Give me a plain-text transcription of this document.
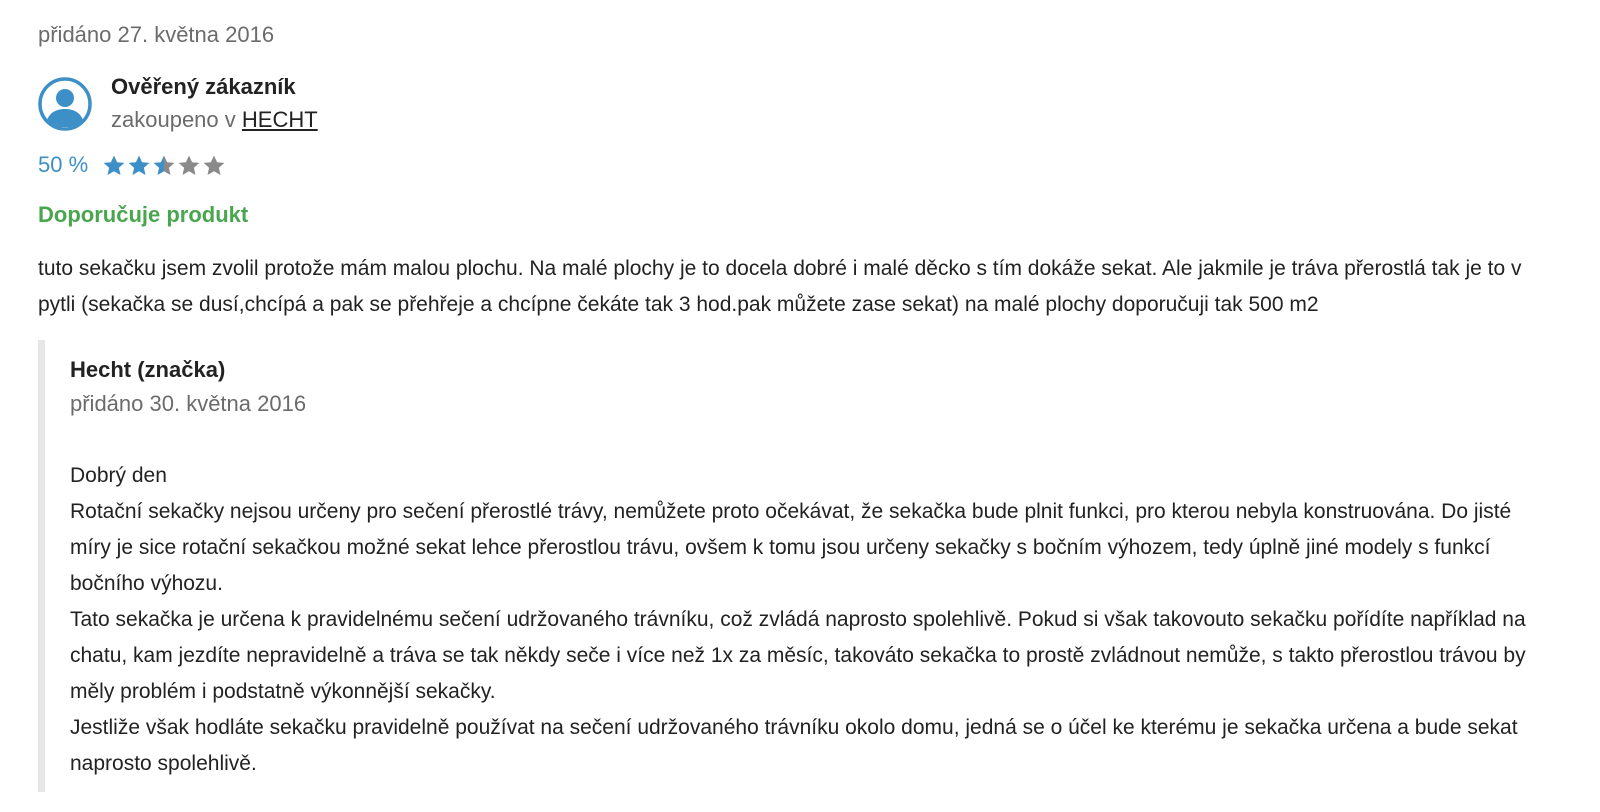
přidáno 27. května 2016
Ověřený zákazník
zakoupeno v HECHT
50 %
Doporučuje produkt
tuto sekačku jsem zvolil protože mám malou plochu. Na malé plochy je to docela dobré i malé děcko s tím dokáže sekat. Ale jakmile je tráva přerostlá tak je to v pytli (sekačka se dusí,chcípá a pak se přehřeje a chcípne čekáte tak 3 hod.pak můžete zase sekat) na malé plochy doporučuji tak 500 m2
Hecht (značka)
přidáno 30. května 2016

Dobrý den

Rotační sekačky nejsou určeny pro sečení přerostlé trávy, nemůžete proto očekávat, že sekačka bude plnit funkci, pro kterou nebyla konstruována. Do jisté míry je sice rotační sekačkou možné sekat lehce přerostlou trávu, ovšem k tomu jsou určeny sekačky s bočním výhozem, tedy úplně jiné modely s funkcí bočního výhozu.

Tato sekačka je určena k pravidelnému sečení udržovaného trávníku, což zvládá naprosto spolehlivě. Pokud si však takovouto sekačku pořídíte například na chatu, kam jezdíte nepravidelně a tráva se tak někdy seče i více než 1x za měsíc, takováto sekačka to prostě zvládnout nemůže, s takto přerostlou trávou by měly problém i podstatně výkonnější sekačky.

Jestliže však hodláte sekačku pravidelně používat na sečení udržovaného trávníku okolo domu, jedná se o účel ke kterému je sekačka určena a bude sekat naprosto spolehlivě.
